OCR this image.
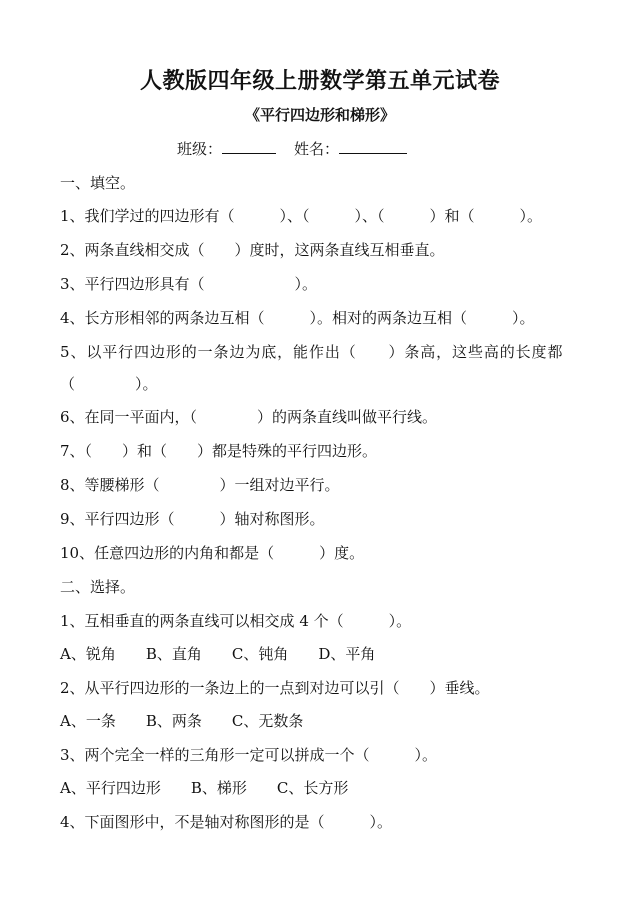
人教版四年级上册数学第五单元试卷
《平行四边形和梯形》
班级：	姓名：
一、填空。
1、我们学过的四边形有（　　　）、（　　　）、（　　　）和（　　　）。
2、两条直线相交成（　　）度时，这两条直线互相垂直。
3、平行四边形具有（　　　　　　）。
4、长方形相邻的两条边互相（　　　）。相对的两条边互相（　　　）。
5、以平行四边形的一条边为底，能作出（　　）条高，这些高的长度都
（　　　　）。
6、在同一平面内，（　　　　）的两条直线叫做平行线。
7、（　　）和（　　）都是特殊的平行四边形。
8、等腰梯形（　　　　）一组对边平行。
9、平行四边形（　　　）轴对称图形。
10、任意四边形的内角和都是（　　　）度。
二、选择。
1、互相垂直的两条直线可以相交成 4 个（　　　）。
A、锐角　　B、直角　　C、钝角　　D、平角
2、从平行四边形的一条边上的一点到对边可以引（　　）垂线。
A、一条　　B、两条　　C、无数条
3、两个完全一样的三角形一定可以拼成一个（　　　）。
A、平行四边形　　B、梯形　　C、长方形
4、下面图形中，不是轴对称图形的是（　　　）。
